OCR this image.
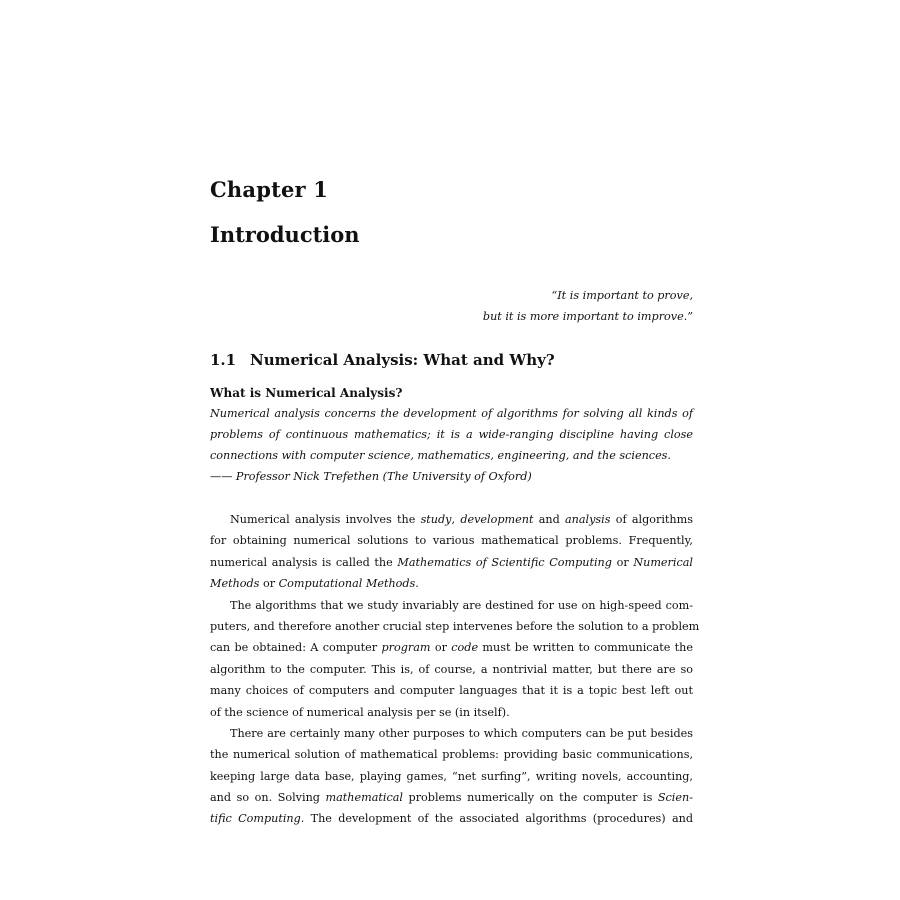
Chapter 1
Introduction
“It is important to prove,
but it is more important to improve.”
1.1 Numerical Analysis: What and Why?
What is Numerical Analysis?
Numerical analysis concerns the development of algorithms for solving all kinds of
problems of continuous mathematics; it is a wide-ranging discipline having close
connections with computer science, mathematics, engineering, and the sciences.
—— Professor Nick Trefethen (The University of Oxford)
Numerical analysis involves the study, development and analysis of algorithms
for obtaining numerical solutions to various mathematical problems. Frequently,
numerical analysis is called the Mathematics of Scientific Computing or Numerical
Methods or Computational Methods.
The algorithms that we study invariably are destined for use on high-speed com-
puters, and therefore another crucial step intervenes before the solution to a problem
can be obtained: A computer program or code must be written to communicate the
algorithm to the computer. This is, of course, a nontrivial matter, but there are so
many choices of computers and computer languages that it is a topic best left out
of the science of numerical analysis per se (in itself).
There are certainly many other purposes to which computers can be put besides
the numerical solution of mathematical problems: providing basic communications,
keeping large data base, playing games, “net surfing”, writing novels, accounting,
and so on. Solving mathematical problems numerically on the computer is Scien-
tific Computing. The development of the associated algorithms (procedures) and
